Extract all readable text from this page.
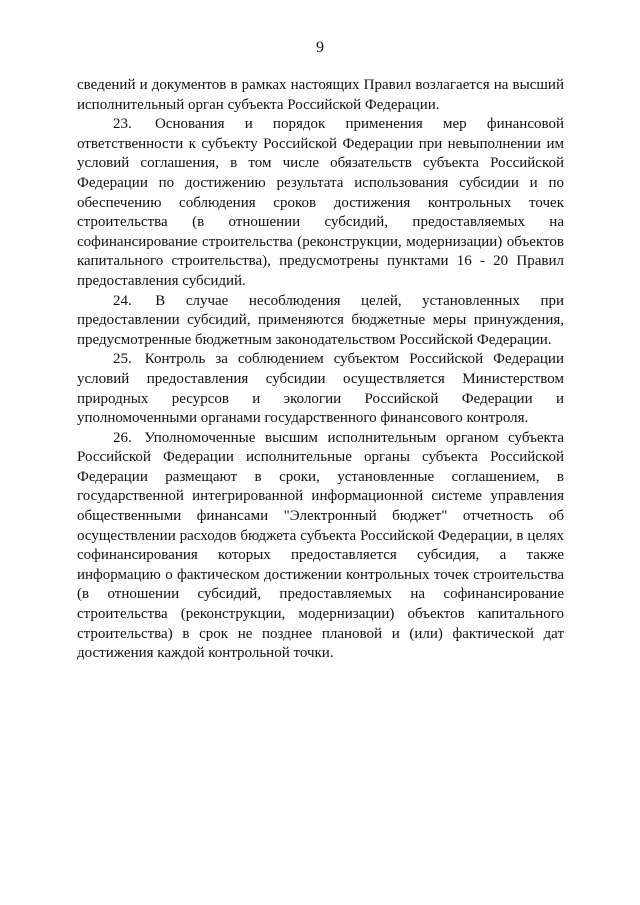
9

сведений и документов в рамках настоящих Правил возлагается на высший исполнительный орган субъекта Российской Федерации.

23. Основания и порядок применения мер финансовой ответственности к субъекту Российской Федерации при невыполнении им условий соглашения, в том числе обязательств субъекта Российской Федерации по достижению результата использования субсидии и по обеспечению соблюдения сроков достижения контрольных точек строительства (в отношении субсидий, предоставляемых на софинансирование строительства (реконструкции, модернизации) объектов капитального строительства), предусмотрены пунктами 16 - 20 Правил предоставления субсидий.

24. В случае несоблюдения целей, установленных при предоставлении субсидий, применяются бюджетные меры принуждения, предусмотренные бюджетным законодательством Российской Федерации.

25. Контроль за соблюдением субъектом Российской Федерации условий предоставления субсидии осуществляется Министерством природных ресурсов и экологии Российской Федерации и уполномоченными органами государственного финансового контроля.

26. Уполномоченные высшим исполнительным органом субъекта Российской Федерации исполнительные органы субъекта Российской Федерации размещают в сроки, установленные соглашением, в государственной интегрированной информационной системе управления общественными финансами "Электронный бюджет" отчетность об осуществлении расходов бюджета субъекта Российской Федерации, в целях софинансирования которых предоставляется субсидия, а также информацию о фактическом достижении контрольных точек строительства (в отношении субсидий, предоставляемых на софинансирование строительства (реконструкции, модернизации) объектов капитального строительства) в срок не позднее плановой и (или) фактической дат достижения каждой контрольной точки.
